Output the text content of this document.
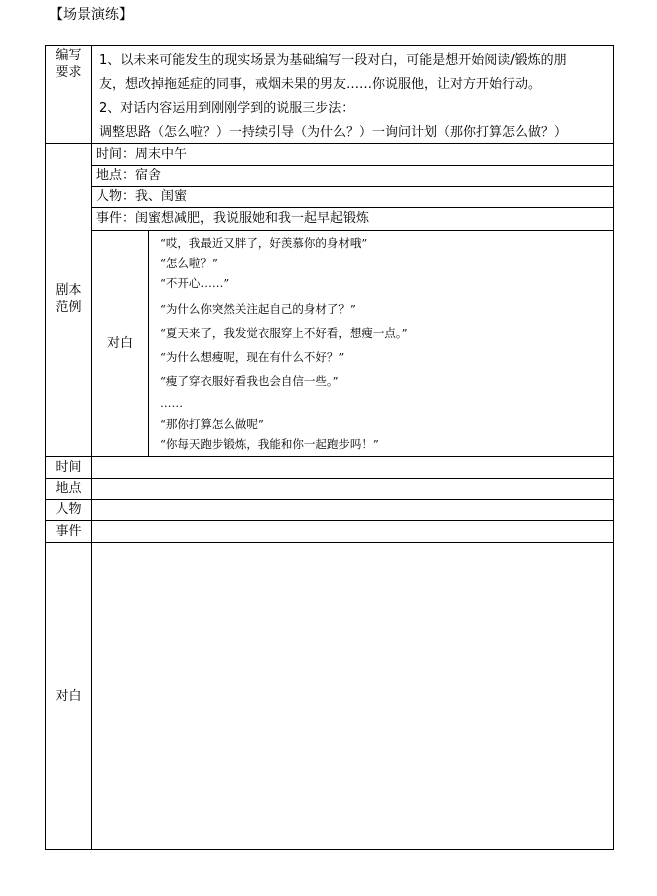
【场景演练】
编写
要求
1、以未来可能发生的现实场景为基础编写一段对白，可能是想开始阅读/锻炼的朋
友，想改掉拖延症的同事，戒烟未果的男友……你说服他，让对方开始行动。
2、对话内容运用到刚刚学到的说服三步法：
调整思路（怎么啦？）一持续引导（为什么？）一询问计划（那你打算怎么做？）
剧本
范例
时间：周末中午
地点：宿舍
人物：我、闺蜜
事件：闺蜜想减肥，我说服她和我一起早起锻炼
对白
“哎，我最近又胖了，好羡慕你的身材哦”
“怎么啦？”
“不开心……”
“为什么你突然关注起自己的身材了？”
“夏天来了，我发觉衣服穿上不好看，想瘦一点。”
“为什么想瘦呢，现在有什么不好？”
“瘦了穿衣服好看我也会自信一些。”
……
“那你打算怎么做呢”
“你每天跑步锻炼，我能和你一起跑步吗！”
时间
地点
人物
事件
对白
